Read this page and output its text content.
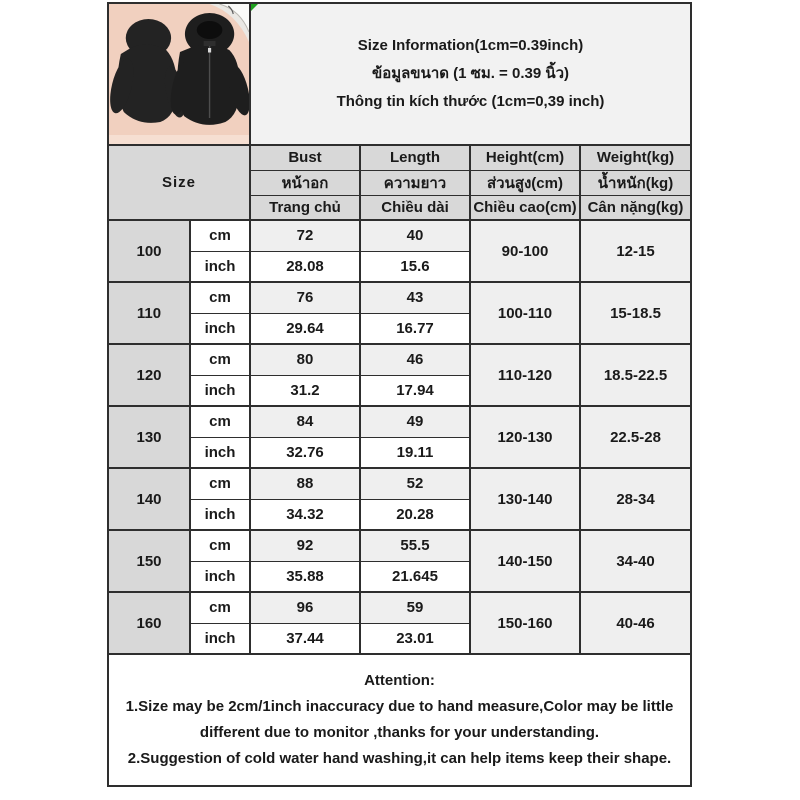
Size Information(1cm=0.39inch)
ข้อมูลขนาด (1 ซม. = 0.39 นิ้ว)
Thông tin kích thước (1cm=0,39 inch)			

Size		Bust	Length	Height(cm)	Weight(kg)
		หน้าอก	ความยาว	ส่วนสูง(cm)	น้ำหนัก(kg)
		Trang chủ	Chiều dài	Chiều cao(cm)	Cân nặng(kg)
100	cm	72	40	90-100	12-15
	inch	28.08	15.6		
110	cm	76	43	100-110	15-18.5
	inch	29.64	16.77		
120	cm	80	46	110-120	18.5-22.5
	inch	31.2	17.94		
130	cm	84	49	120-130	22.5-28
	inch	32.76	19.11		
140	cm	88	52	130-140	28-34
	inch	34.32	20.28		
150	cm	92	55.5	140-150	34-40
	inch	35.88	21.645		
160	cm	96	59	150-160	40-46
	inch	37.44	23.01		

Attention:
1.Size may be 2cm/1inch inaccuracy due to hand measure,Color may be little different due to monitor ,thanks for your understanding.
2.Suggestion of cold water hand washing,it can help items keep their shape.					
